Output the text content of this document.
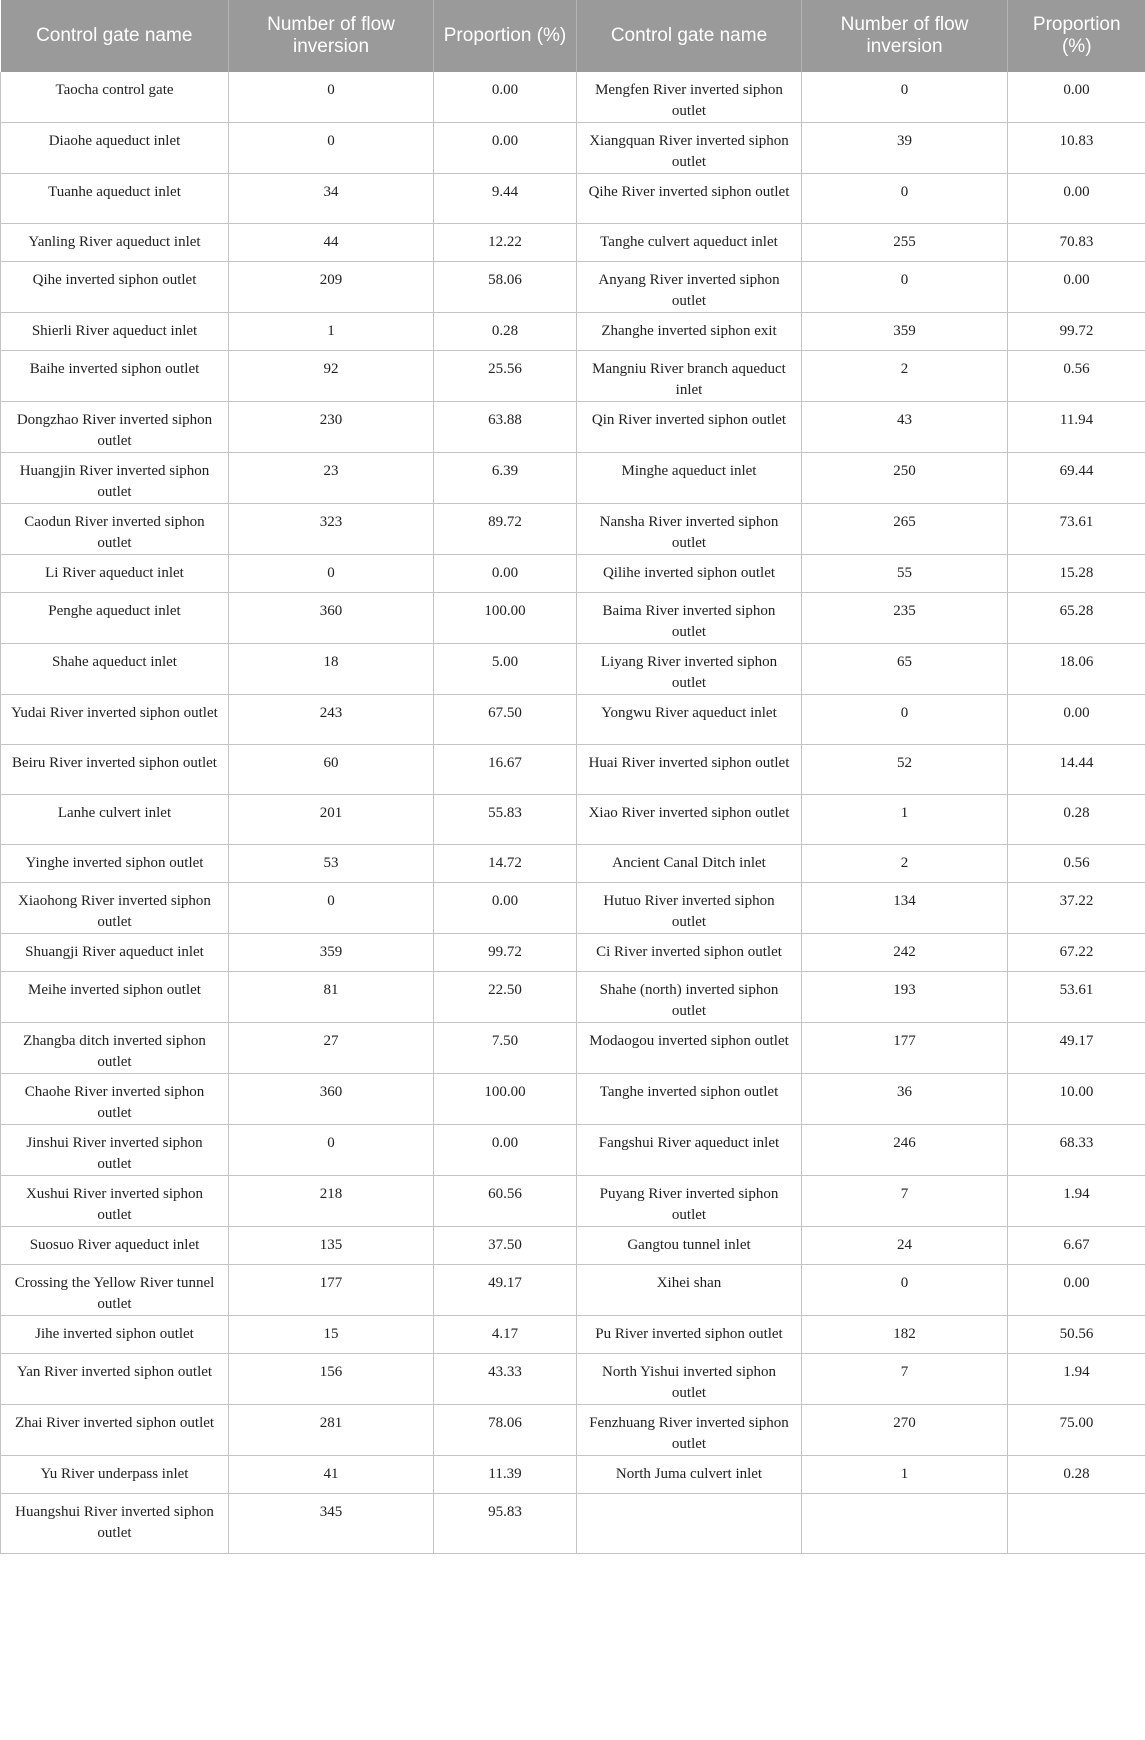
Control gate name	Number of flow inversion	Proportion (%)	Control gate name	Number of flow inversion	Proportion (%)
Taocha control gate	0	0.00	Mengfen River inverted siphon outlet	0	0.00
Diaohe aqueduct inlet	0	0.00	Xiangquan River inverted siphon outlet	39	10.83
Tuanhe aqueduct inlet	34	9.44	Qihe River inverted siphon outlet	0	0.00
Yanling River aqueduct inlet	44	12.22	Tanghe culvert aqueduct inlet	255	70.83
Qihe inverted siphon outlet	209	58.06	Anyang River inverted siphon outlet	0	0.00
Shierli River aqueduct inlet	1	0.28	Zhanghe inverted siphon exit	359	99.72
Baihe inverted siphon outlet	92	25.56	Mangniu River branch aqueduct inlet	2	0.56
Dongzhao River inverted siphon outlet	230	63.88	Qin River inverted siphon outlet	43	11.94
Huangjin River inverted siphon outlet	23	6.39	Minghe aqueduct inlet	250	69.44
Caodun River inverted siphon outlet	323	89.72	Nansha River inverted siphon outlet	265	73.61
Li River aqueduct inlet	0	0.00	Qilihe inverted siphon outlet	55	15.28
Penghe aqueduct inlet	360	100.00	Baima River inverted siphon outlet	235	65.28
Shahe aqueduct inlet	18	5.00	Liyang River inverted siphon outlet	65	18.06
Yudai River inverted siphon outlet	243	67.50	Yongwu River aqueduct inlet	0	0.00
Beiru River inverted siphon outlet	60	16.67	Huai River inverted siphon outlet	52	14.44
Lanhe culvert inlet	201	55.83	Xiao River inverted siphon outlet	1	0.28
Yinghe inverted siphon outlet	53	14.72	Ancient Canal Ditch inlet	2	0.56
Xiaohong River inverted siphon outlet	0	0.00	Hutuo River inverted siphon outlet	134	37.22
Shuangji River aqueduct inlet	359	99.72	Ci River inverted siphon outlet	242	67.22
Meihe inverted siphon outlet	81	22.50	Shahe (north) inverted siphon outlet	193	53.61
Zhangba ditch inverted siphon outlet	27	7.50	Modaogou inverted siphon outlet	177	49.17
Chaohe River inverted siphon outlet	360	100.00	Tanghe inverted siphon outlet	36	10.00
Jinshui River inverted siphon outlet	0	0.00	Fangshui River aqueduct inlet	246	68.33
Xushui River inverted siphon outlet	218	60.56	Puyang River inverted siphon outlet	7	1.94
Suosuo River aqueduct inlet	135	37.50	Gangtou tunnel inlet	24	6.67
Crossing the Yellow River tunnel outlet	177	49.17	Xihei shan	0	0.00
Jihe inverted siphon outlet	15	4.17	Pu River inverted siphon outlet	182	50.56
Yan River inverted siphon outlet	156	43.33	North Yishui inverted siphon outlet	7	1.94
Zhai River inverted siphon outlet	281	78.06	Fenzhuang River inverted siphon outlet	270	75.00
Yu River underpass inlet	41	11.39	North Juma culvert inlet	1	0.28
Huangshui River inverted siphon outlet	345	95.83			
